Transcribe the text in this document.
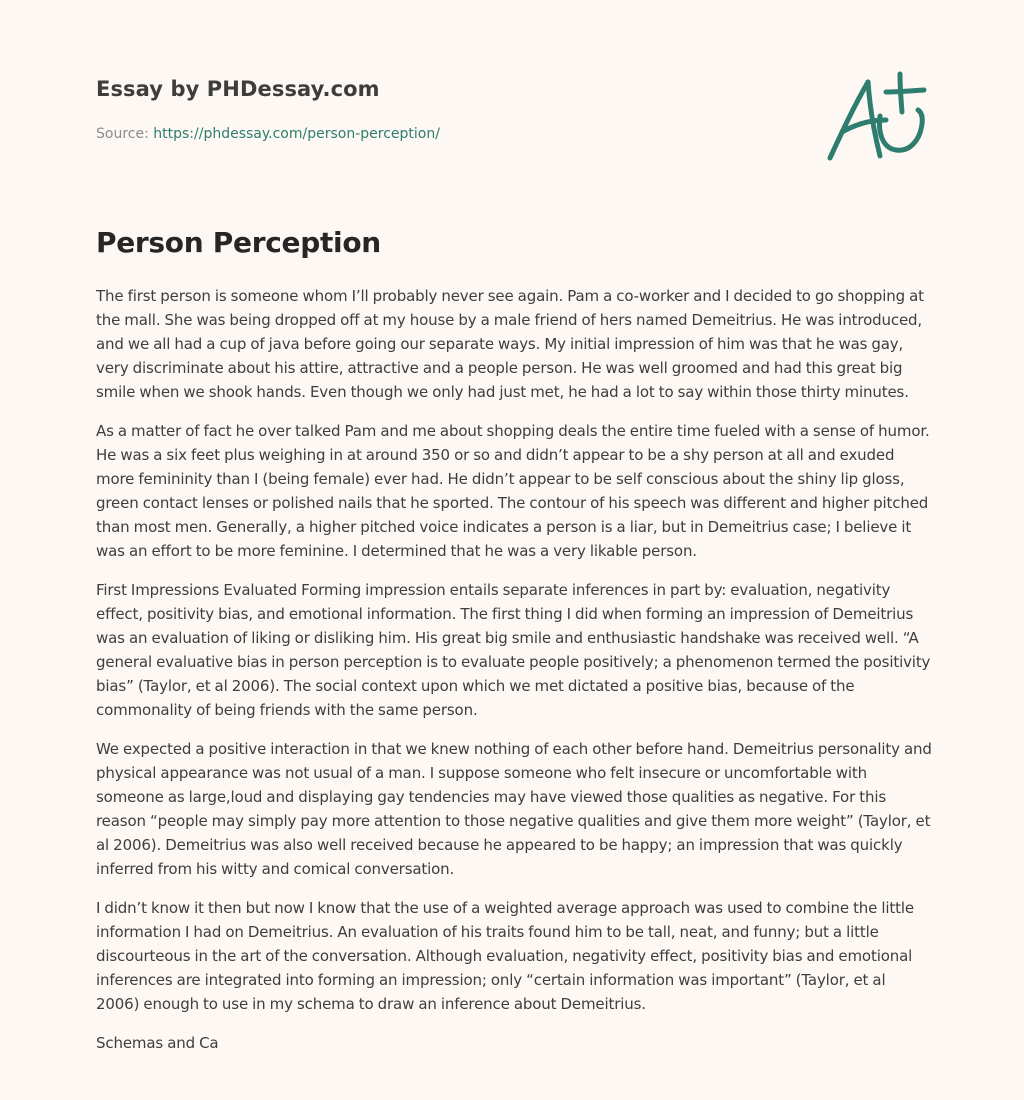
Essay by PHDessay.com
Source: https://phdessay.com/person-perception/
Person Perception

The first person is someone whom I’ll probably never see again. Pam a co-worker and I decided to go shopping at the mall. She was being dropped off at my house by a male friend of hers named Demeitrius. He was introduced, and we all had a cup of java before going our separate ways. My initial impression of him was that he was gay, very discriminate about his attire, attractive and a people person. He was well groomed and had this great big smile when we shook hands. Even though we only had just met, he had a lot to say within those thirty minutes.

As a matter of fact he over talked Pam and me about shopping deals the entire time fueled with a sense of humor. He was a six feet plus weighing in at around 350 or so and didn’t appear to be a shy person at all and exuded more femininity than I (being female) ever had. He didn’t appear to be self conscious about the shiny lip gloss, green contact lenses or polished nails that he sported. The contour of his speech was different and higher pitched than most men. Generally, a higher pitched voice indicates a person is a liar, but in Demeitrius case; I believe it was an effort to be more feminine. I determined that he was a very likable person.

First Impressions Evaluated Forming impression entails separate inferences in part by: evaluation, negativity effect, positivity bias, and emotional information. The first thing I did when forming an impression of Demeitrius was an evaluation of liking or disliking him. His great big smile and enthusiastic handshake was received well. “A general evaluative bias in person perception is to evaluate people positively; a phenomenon termed the positivity bias” (Taylor, et al 2006). The social context upon which we met dictated a positive bias, because of the commonality of being friends with the same person.

We expected a positive interaction in that we knew nothing of each other before hand. Demeitrius personality and physical appearance was not usual of a man. I suppose someone who felt insecure or uncomfortable with someone as large,loud and displaying gay tendencies may have viewed those qualities as negative. For this reason “people may simply pay more attention to those negative qualities and give them more weight” (Taylor, et al 2006). Demeitrius was also well received because he appeared to be happy; an impression that was quickly inferred from his witty and comical conversation.

I didn’t know it then but now I know that the use of a weighted average approach was used to combine the little information I had on Demeitrius. An evaluation of his traits found him to be tall, neat, and funny; but a little discourteous in the art of the conversation. Although evaluation, negativity effect, positivity bias and emotional inferences are integrated into forming an impression; only “certain information was important” (Taylor, et al 2006) enough to use in my schema to draw an inference about Demeitrius.

Schemas and Ca
